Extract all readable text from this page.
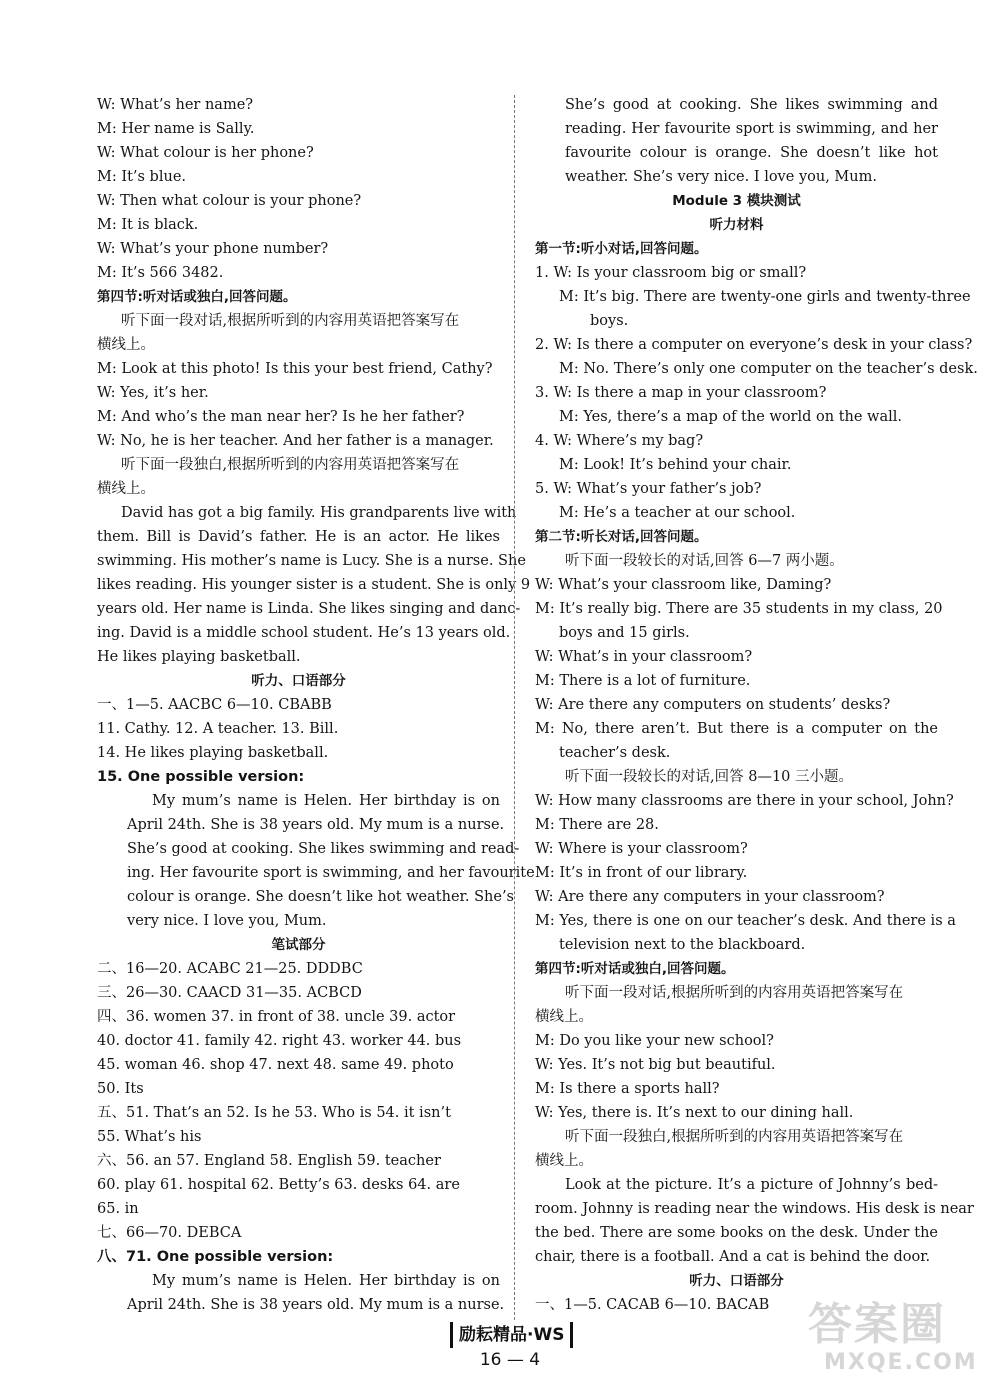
W: What’s her name?
M: Her name is Sally.
W: What colour is her phone?
M: It’s blue.
W: Then what colour is your phone?
M: It is black.
W: What’s your phone number?
M: It’s 566 3482.
第四节:听对话或独白,回答问题。
听下面一段对话,根据所听到的内容用英语把答案写在
横线上。
M: Look at this photo! Is this your best friend, Cathy?
W: Yes, it’s her.
M: And who’s the man near her? Is he her father?
W: No, he is her teacher. And her father is a manager.
听下面一段独白,根据所听到的内容用英语把答案写在
横线上。
David has got a big family. His grandparents live with
them. Bill is David’s father. He is an actor. He likes
swimming. His mother’s name is Lucy. She is a nurse. She
likes reading. His younger sister is a student. She is only 9
years old. Her name is Linda. She likes singing and danc-
ing. David is a middle school student. He’s 13 years old.
He likes playing basketball.
听力、口语部分
一、1—5. AACBC 6—10. CBABB
11. Cathy. 12. A teacher. 13. Bill.
14. He likes playing basketball.
15. One possible version:
My mum’s name is Helen. Her birthday is on
April 24th. She is 38 years old. My mum is a nurse.
She’s good at cooking. She likes swimming and read-
ing. Her favourite sport is swimming, and her favourite
colour is orange. She doesn’t like hot weather. She’s
very nice. I love you, Mum.
笔试部分
二、16—20. ACABC 21—25. DDDBC
三、26—30. CAACD 31—35. ACBCD
四、36. women 37. in front of 38. uncle 39. actor
40. doctor 41. family 42. right 43. worker 44. bus
45. woman 46. shop 47. next 48. same 49. photo
50. Its
五、51. That’s an 52. Is he 53. Who is 54. it isn’t
55. What’s his
六、56. an 57. England 58. English 59. teacher
60. play 61. hospital 62. Betty’s 63. desks 64. are
65. in
七、66—70. DEBCA
八、71. One possible version:
My mum’s name is Helen. Her birthday is on
April 24th. She is 38 years old. My mum is a nurse.
She’s good at cooking. She likes swimming and
reading. Her favourite sport is swimming, and her
favourite colour is orange. She doesn’t like hot
weather. She’s very nice. I love you, Mum.
Module 3 模块测试
听力材料
第一节:听小对话,回答问题。
1. W: Is your classroom big or small?
M: It’s big. There are twenty-one girls and twenty-three
boys.
2. W: Is there a computer on everyone’s desk in your class?
M: No. There’s only one computer on the teacher’s desk.
3. W: Is there a map in your classroom?
M: Yes, there’s a map of the world on the wall.
4. W: Where’s my bag?
M: Look! It’s behind your chair.
5. W: What’s your father’s job?
M: He’s a teacher at our school.
第二节:听长对话,回答问题。
听下面一段较长的对话,回答 6—7 两小题。
W: What’s your classroom like, Daming?
M: It’s really big. There are 35 students in my class, 20
boys and 15 girls.
W: What’s in your classroom?
M: There is a lot of furniture.
W: Are there any computers on students’ desks?
M: No, there aren’t. But there is a computer on the
teacher’s desk.
听下面一段较长的对话,回答 8—10 三小题。
W: How many classrooms are there in your school, John?
M: There are 28.
W: Where is your classroom?
M: It’s in front of our library.
W: Are there any computers in your classroom?
M: Yes, there is one on our teacher’s desk. And there is a
television next to the blackboard.
第四节:听对话或独白,回答问题。
听下面一段对话,根据所听到的内容用英语把答案写在
横线上。
M: Do you like your new school?
W: Yes. It’s not big but beautiful.
M: Is there a sports hall?
W: Yes, there is. It’s next to our dining hall.
听下面一段独白,根据所听到的内容用英语把答案写在
横线上。
Look at the picture. It’s a picture of Johnny’s bed-
room. Johnny is reading near the windows. His desk is near
the bed. There are some books on the desk. Under the
chair, there is a football. And a cat is behind the door.
听力、口语部分
一、1—5. CACAB 6—10. BACAB
励耘精品·WS
16 — 4
答案圈
MXQE.COM
